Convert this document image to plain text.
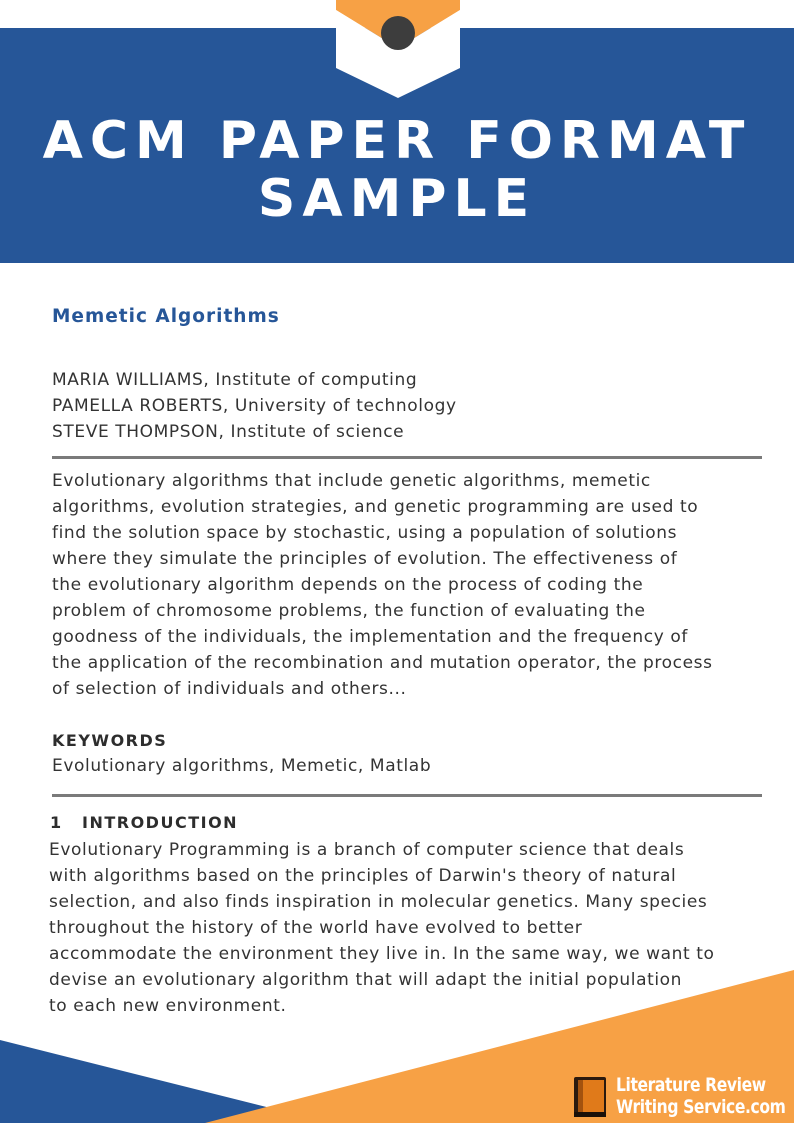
ACM PAPER FORMAT
SAMPLE
Memetic Algorithms
MARIA WILLIAMS, Institute of computing
PAMELLA ROBERTS, University of technology
STEVE THOMPSON, Institute of science
Evolutionary algorithms that include genetic algorithms, memetic
algorithms, evolution strategies, and genetic programming are used to
find the solution space by stochastic, using a population of solutions
where they simulate the principles of evolution. The effectiveness of
the evolutionary algorithm depends on the process of coding the
problem of chromosome problems, the function of evaluating the
goodness of the individuals, the implementation and the frequency of
the application of the recombination and mutation operator, the process
of selection of individuals and others...
KEYWORDS
Evolutionary algorithms, Memetic, Matlab
1 INTRODUCTION
Evolutionary Programming is a branch of computer science that deals
with algorithms based on the principles of Darwin's theory of natural
selection, and also finds inspiration in molecular genetics. Many species
throughout the history of the world have evolved to better
accommodate the environment they live in. In the same way, we want to
devise an evolutionary algorithm that will adapt the initial population
to each new environment.
Literature Review
Writing Service.com
